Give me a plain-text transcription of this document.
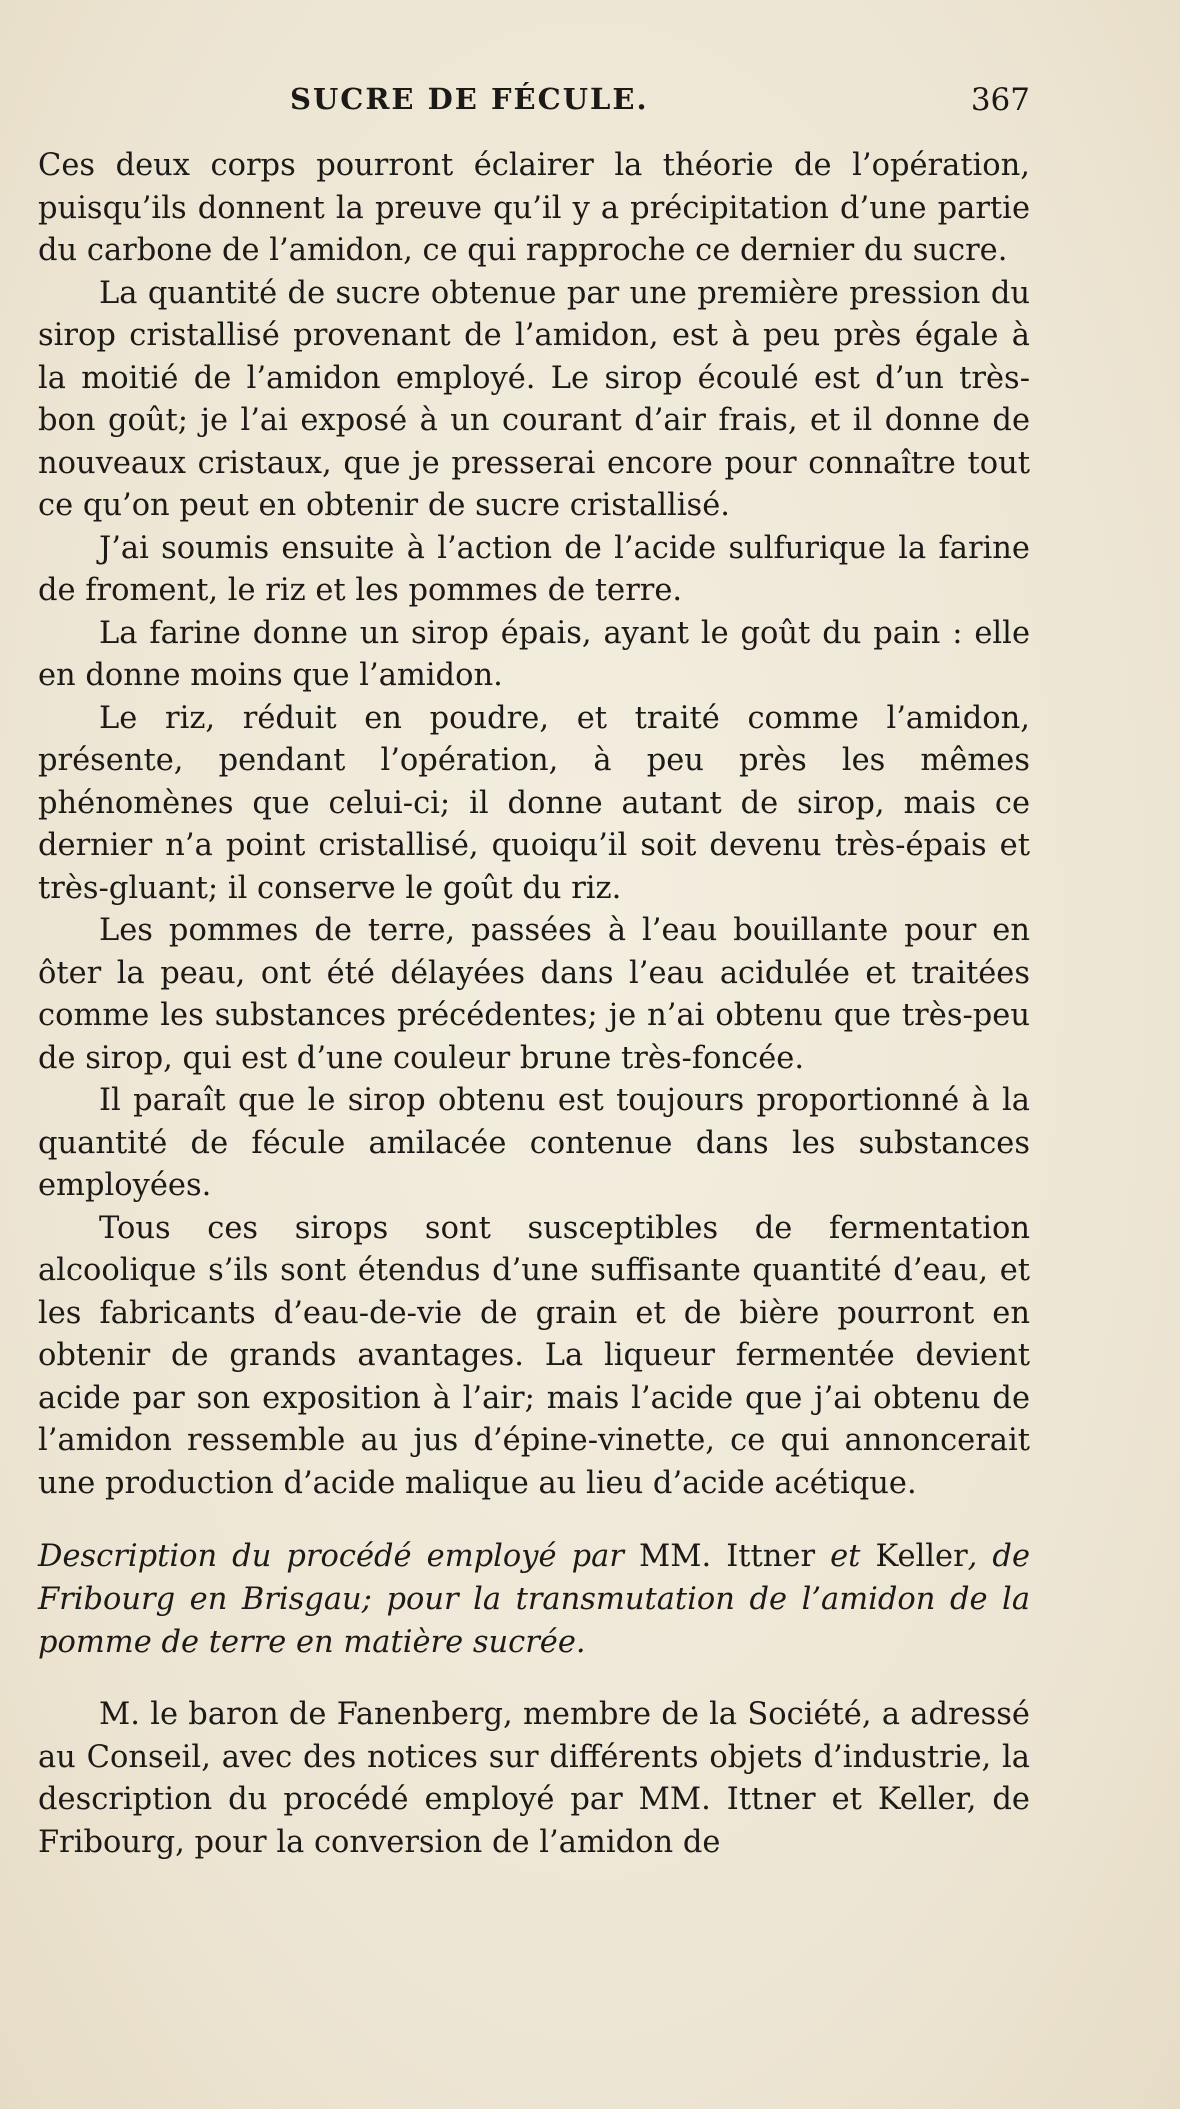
SUCRE DE FÉCULE.	367

Ces deux corps pourront éclairer la théorie de l’opération, puisqu’ils donnent la preuve qu’il y a précipitation d’une partie du carbone de l’amidon, ce qui rapproche ce dernier du sucre.

La quantité de sucre obtenue par une première pression du sirop cristallisé provenant de l’amidon, est à peu près égale à la moitié de l’amidon employé. Le sirop écoulé est d’un très-bon goût; je l’ai exposé à un courant d’air frais, et il donne de nouveaux cristaux, que je presserai encore pour connaître tout ce qu’on peut en obtenir de sucre cristallisé.

J’ai soumis ensuite à l’action de l’acide sulfurique la farine de froment, le riz et les pommes de terre.

La farine donne un sirop épais, ayant le goût du pain : elle en donne moins que l’amidon.

Le riz, réduit en poudre, et traité comme l’amidon, présente, pendant l’opération, à peu près les mêmes phénomènes que celui-ci; il donne autant de sirop, mais ce dernier n’a point cristallisé, quoiqu’il soit devenu très-épais et très-gluant; il conserve le goût du riz.

Les pommes de terre, passées à l’eau bouillante pour en ôter la peau, ont été délayées dans l’eau acidulée et traitées comme les substances précédentes; je n’ai obtenu que très-peu de sirop, qui est d’une couleur brune très-foncée.

Il paraît que le sirop obtenu est toujours proportionné à la quantité de fécule amilacée contenue dans les substances employées.

Tous ces sirops sont susceptibles de fermentation alcoolique s’ils sont étendus d’une suffisante quantité d’eau, et les fabricants d’eau-de-vie de grain et de bière pourront en obtenir de grands avantages. La liqueur fermentée devient acide par son exposition à l’air; mais l’acide que j’ai obtenu de l’amidon ressemble au jus d’épine-vinette, ce qui annoncerait une production d’acide malique au lieu d’acide acétique.

Description du procédé employé par MM. Ittner et Keller, de Fribourg en Brisgau; pour la transmutation de l’amidon de la pomme de terre en matière sucrée.

M. le baron de Fanenberg, membre de la Société, a adressé au Conseil, avec des notices sur différents objets d’industrie, la description du procédé employé par MM. Ittner et Keller, de Fribourg, pour la conversion de l’amidon de
